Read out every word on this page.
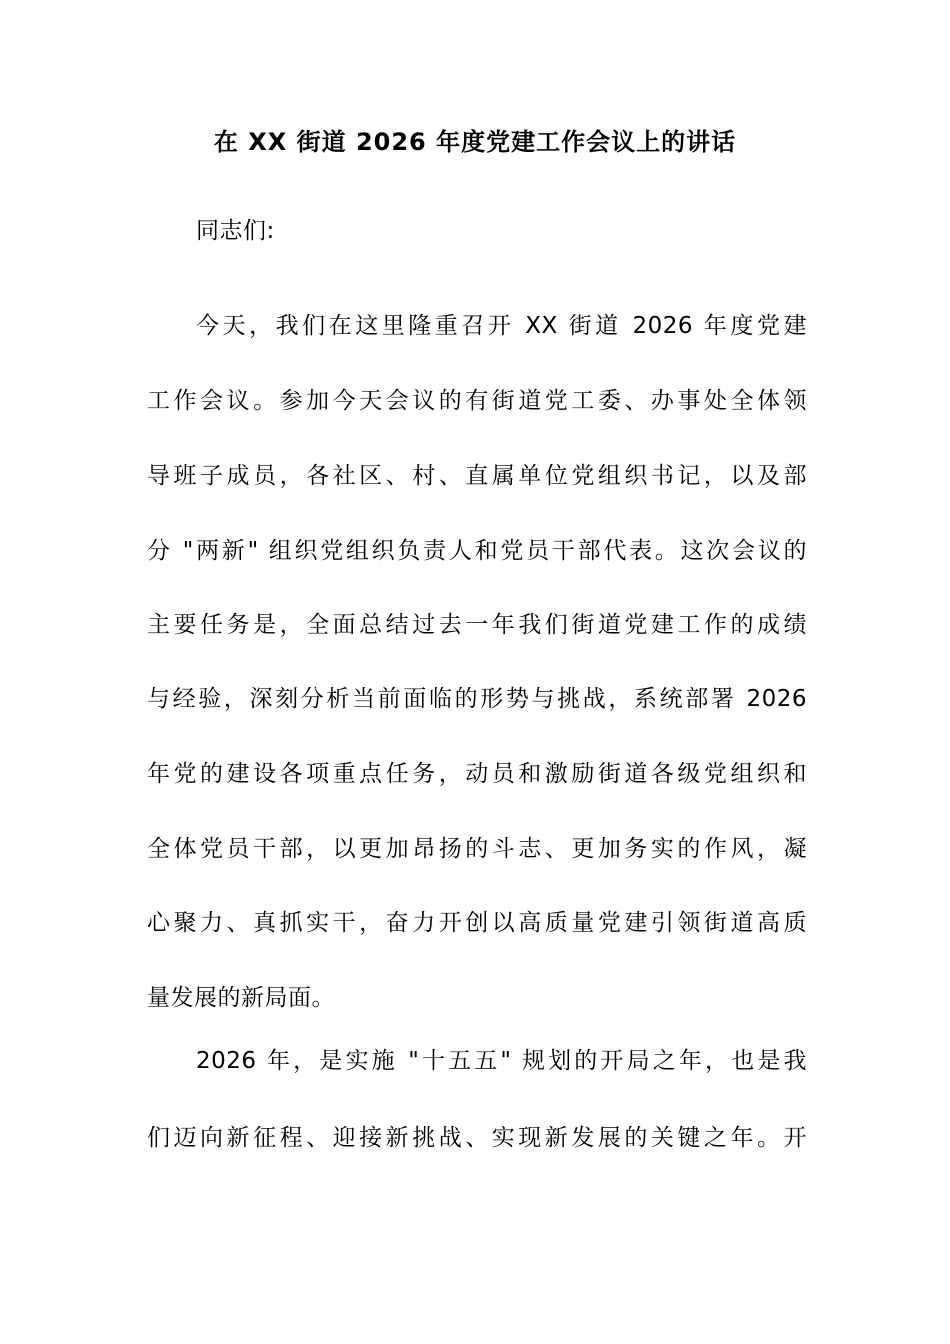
在 XX 街道 2026 年度党建工作会议上的讲话
同志们:
今天，我们在这里隆重召开 XX 街道 2026 年度党建
工作会议。参加今天会议的有街道党工委、办事处全体领
导班子成员，各社区、村、直属单位党组织书记，以及部
分 "两新" 组织党组织负责人和党员干部代表。这次会议的
主要任务是，全面总结过去一年我们街道党建工作的成绩
与经验，深刻分析当前面临的形势与挑战，系统部署 2026
年党的建设各项重点任务，动员和激励街道各级党组织和
全体党员干部，以更加昂扬的斗志、更加务实的作风，凝
心聚力、真抓实干，奋力开创以高质量党建引领街道高质
量发展的新局面。
2026 年，是实施 "十五五" 规划的开局之年，也是我
们迈向新征程、迎接新挑战、实现新发展的关键之年。开
